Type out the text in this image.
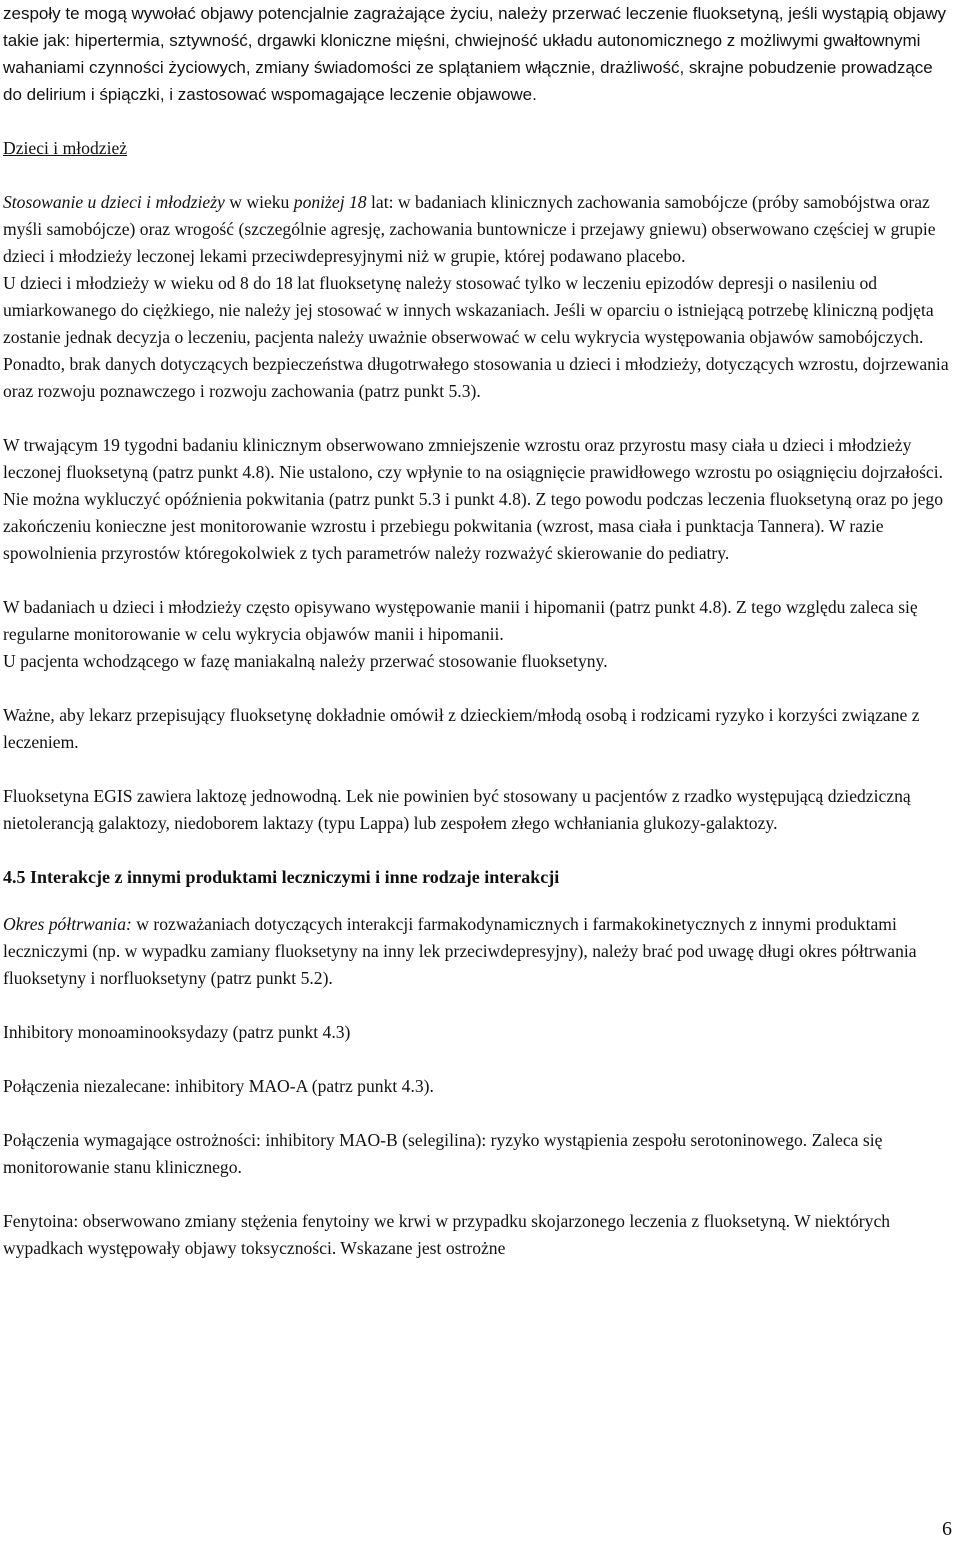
zespoły te mogą wywołać objawy potencjalnie zagrażające życiu, należy przerwać leczenie fluoksetyną, jeśli wystąpią objawy takie jak: hipertermia, sztywność, drgawki kloniczne mięśni, chwiejność układu autonomicznego z możliwymi gwałtownymi wahaniami czynności życiowych, zmiany świadomości ze splątaniem włącznie, drażliwość, skrajne pobudzenie prowadzące do delirium i śpiączki, i zastosować wspomagające leczenie objawowe.

Dzieci i młodzież

Stosowanie u dzieci i młodzieży w wieku poniżej 18 lat: w badaniach klinicznych zachowania samobójcze (próby samobójstwa oraz myśli samobójcze) oraz wrogość (szczególnie agresję, zachowania buntownicze i przejawy gniewu) obserwowano częściej w grupie dzieci i młodzieży leczonej lekami przeciwdepresyjnymi niż w grupie, której podawano placebo.

U dzieci i młodzieży w wieku od 8 do 18 lat fluoksetynę należy stosować tylko w leczeniu epizodów depresji o nasileniu od umiarkowanego do ciężkiego, nie należy jej stosować w innych wskazaniach. Jeśli w oparciu o istniejącą potrzebę kliniczną podjęta zostanie jednak decyzja o leczeniu, pacjenta należy uważnie obserwować w celu wykrycia występowania objawów samobójczych. Ponadto, brak danych dotyczących bezpieczeństwa długotrwałego stosowania u dzieci i młodzieży, dotyczących wzrostu, dojrzewania oraz rozwoju poznawczego i rozwoju zachowania (patrz punkt 5.3).

W trwającym 19 tygodni badaniu klinicznym obserwowano zmniejszenie wzrostu oraz przyrostu masy ciała u dzieci i młodzieży leczonej fluoksetyną (patrz punkt 4.8). Nie ustalono, czy wpłynie to na osiągnięcie prawidłowego wzrostu po osiągnięciu dojrzałości. Nie można wykluczyć opóźnienia pokwitania (patrz punkt 5.3 i punkt 4.8). Z tego powodu podczas leczenia fluoksetyną oraz po jego zakończeniu konieczne jest monitorowanie wzrostu i przebiegu pokwitania (wzrost, masa ciała i punktacja Tannera). W razie spowolnienia przyrostów któregokolwiek z tych parametrów należy rozważyć skierowanie do pediatry.

W badaniach u dzieci i młodzieży często opisywano występowanie manii i hipomanii (patrz punkt 4.8). Z tego względu zaleca się regularne monitorowanie w celu wykrycia objawów manii i hipomanii.

U pacjenta wchodzącego w fazę maniakalną należy przerwać stosowanie fluoksetyny.

Ważne, aby lekarz przepisujący fluoksetynę dokładnie omówił z dzieckiem/młodą osobą i rodzicami ryzyko i korzyści związane z leczeniem.

Fluoksetyna EGIS zawiera laktozę jednowodną. Lek nie powinien być stosowany u pacjentów z rzadko występującą dziedziczną nietolerancją galaktozy, niedoborem laktazy (typu Lappa) lub zespołem złego wchłaniania glukozy-galaktozy.

4.5 Interakcje z innymi produktami leczniczymi i inne rodzaje interakcji

Okres półtrwania: w rozważaniach dotyczących interakcji farmakodynamicznych i farmakokinetycznych z innymi produktami leczniczymi (np. w wypadku zamiany fluoksetyny na inny lek przeciwdepresyjny), należy brać pod uwagę długi okres półtrwania fluoksetyny i norfluoksetyny (patrz punkt 5.2).

Inhibitory monoaminooksydazy (patrz punkt 4.3)

Połączenia niezalecane: inhibitory MAO-A (patrz punkt 4.3).

Połączenia wymagające ostrożności: inhibitory MAO-B (selegilina): ryzyko wystąpienia zespołu serotoninowego. Zaleca się monitorowanie stanu klinicznego.

Fenytoina: obserwowano zmiany stężenia fenytoiny we krwi w przypadku skojarzonego leczenia z fluoksetyną. W niektórych wypadkach występowały objawy toksyczności. Wskazane jest ostrożne

6
